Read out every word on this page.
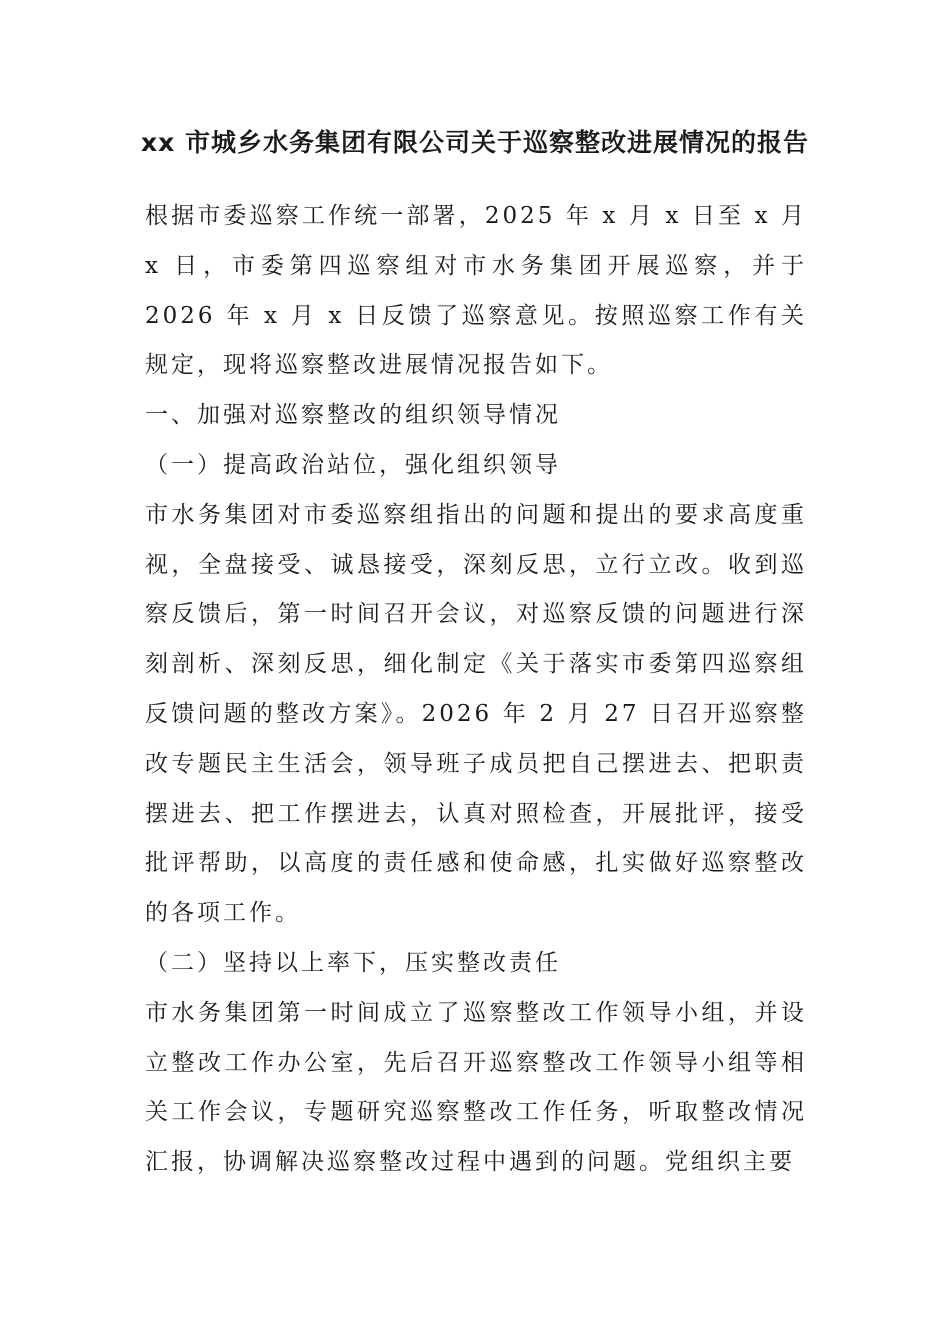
xx 市城乡水务集团有限公司关于巡察整改进展情况的报告

根据市委巡察工作统一部署，2025 年 x 月 x 日至 x 月 x 日，市委第四巡察组对市水务集团开展巡察，并于 2026 年 x 月 x 日反馈了巡察意见。按照巡察工作有关规定，现将巡察整改进展情况报告如下。

一、加强对巡察整改的组织领导情况

（一）提高政治站位，强化组织领导

市水务集团对市委巡察组指出的问题和提出的要求高度重视，全盘接受、诚恳接受，深刻反思，立行立改。收到巡察反馈后，第一时间召开会议，对巡察反馈的问题进行深刻剖析、深刻反思，细化制定《关于落实市委第四巡察组反馈问题的整改方案》。2026 年 2 月 27 日召开巡察整改专题民主生活会，领导班子成员把自己摆进去、把职责摆进去、把工作摆进去，认真对照检查，开展批评，接受批评帮助，以高度的责任感和使命感，扎实做好巡察整改的各项工作。

（二）坚持以上率下，压实整改责任

市水务集团第一时间成立了巡察整改工作领导小组，并设立整改工作办公室，先后召开巡察整改工作领导小组等相关工作会议，专题研究巡察整改工作任务，听取整改情况汇报，协调解决巡察整改过程中遇到的问题。党组织主要
